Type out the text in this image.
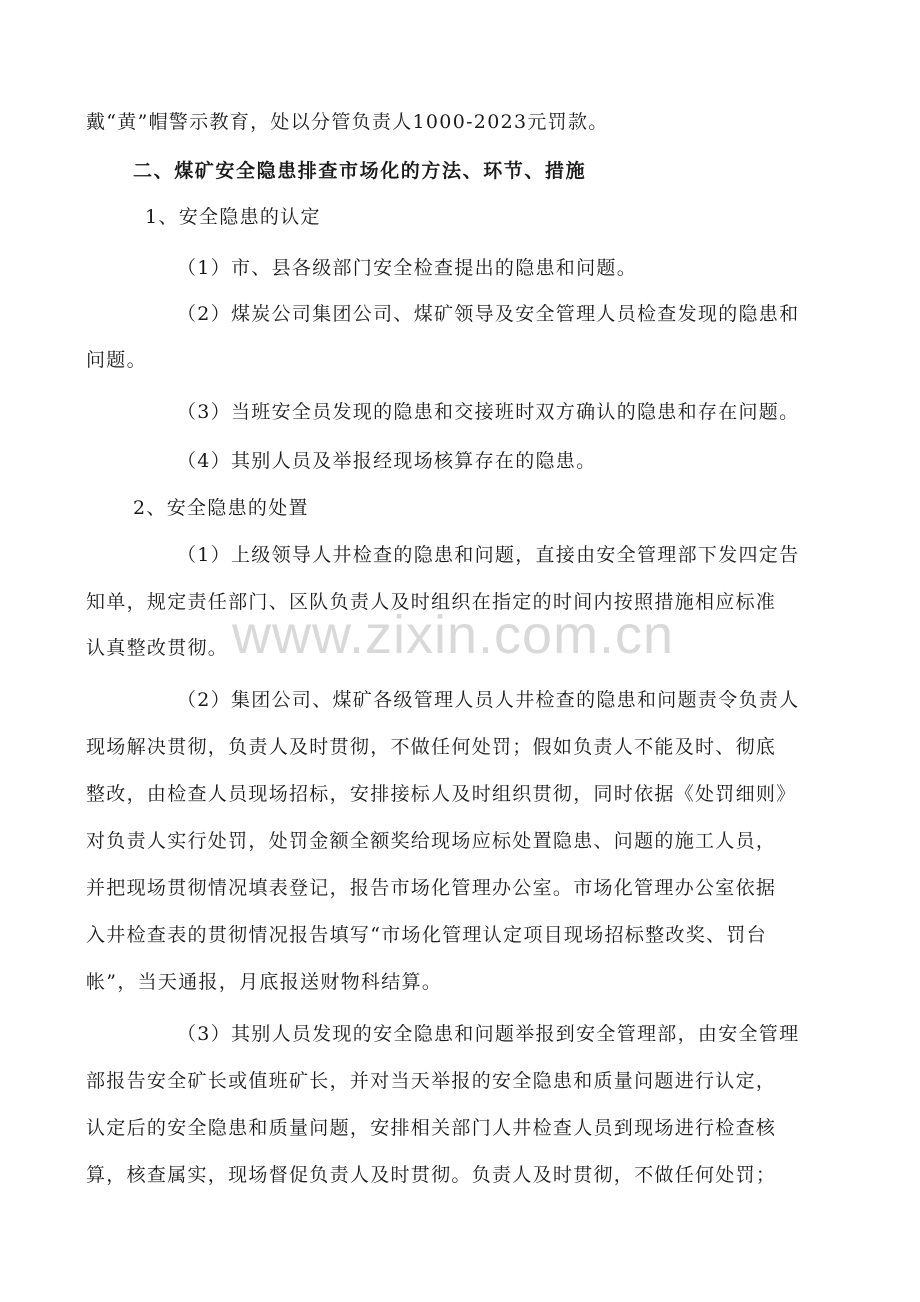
戴“黄”帽警示教育，处以分管负责人1000-2023元罚款。
二、煤矿安全隐患排查市场化的方法、环节、措施
1、安全隐患的认定
（1）市、县各级部门安全检查提出的隐患和问题。
（2）煤炭公司集团公司、煤矿领导及安全管理人员检查发现的隐患和
问题。
（3）当班安全员发现的隐患和交接班时双方确认的隐患和存在问题。
（4）其别人员及举报经现场核算存在的隐患。
2、安全隐患的处置
（1）上级领导人井检查的隐患和问题，直接由安全管理部下发四定告
知单，规定责任部门、区队负责人及时组织在指定的时间内按照措施相应标准
认真整改贯彻。
（2）集团公司、煤矿各级管理人员人井检查的隐患和问题责令负责人
现场解决贯彻，负责人及时贯彻，不做任何处罚；假如负责人不能及时、彻底
整改，由检查人员现场招标，安排接标人及时组织贯彻，同时依据《处罚细则》
对负责人实行处罚，处罚金额全额奖给现场应标处置隐患、问题的施工人员，
并把现场贯彻情况填表登记，报告市场化管理办公室。市场化管理办公室依据
入井检查表的贯彻情况报告填写“市场化管理认定项目现场招标整改奖、罚台
帐”，当天通报，月底报送财物科结算。
（3）其别人员发现的安全隐患和问题举报到安全管理部，由安全管理
部报告安全矿长或值班矿长，并对当天举报的安全隐患和质量问题进行认定，
认定后的安全隐患和质量问题，安排相关部门人井检查人员到现场进行检查核
算，核查属实，现场督促负责人及时贯彻。负责人及时贯彻，不做任何处罚；
www.zixin.com.cn
